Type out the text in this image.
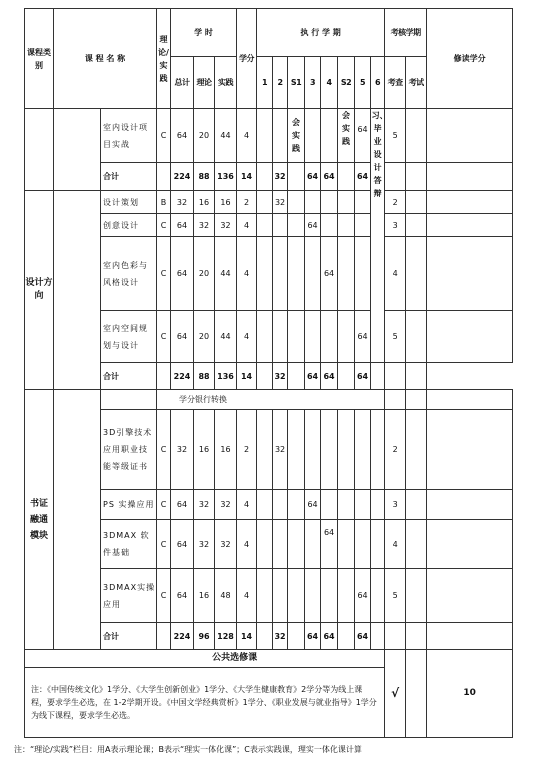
课程类别	课 程 名 称		理论/实践	学 时			学分	执 行 学 期								考核学期		修读学分
				总计	理论	实践		1	2	S1	3	4	S2	5	6	考查	考试	
		室内设计项目实战	C	64	20	44	4			会实践			会实践	64	习、毕业设计答辩	5		
		合计		224	88	136	14		32		64	64		64				
设计方向		设计策划	B	32	16	16	2		32							2		
		创意设计	C	64	32	32	4				64					3		
		室内色彩与风格设计	C	64	20	44	4					64				4		
		室内空间规划与设计	C	64	20	44	4							64		5		
		合计		224	88	136	14		32		64	64		64				
书证融通模块			学分银行转换															
		3D引擎技术应用职业技能等级证书	C	32	16	16	2		32							2		
		PS 实操应用	C	64	32	32	4				64					3		
		3DMAX 软件基础	C	64	32	32	4					64				4		
		3DMAX实操应用	C	64	16	48	4							64		5		
		合计		224	96	128	14		32		64	64		64				
公共选修课																√		10
注：《中国传统文化》1学分、《大学生创新创业》1学分、《大学生健康教育》2学分等为线上课程，要求学生必选，在 1-2学期开设。《中国文学经典赏析》1学分、《职业发展与就业指导》1学分为线下课程，要求学生必选。																		
注：“理论/实践”栏目：用A表示理论课；B表示“理实一体化课”；C表示实践课，理实一体化课计算
